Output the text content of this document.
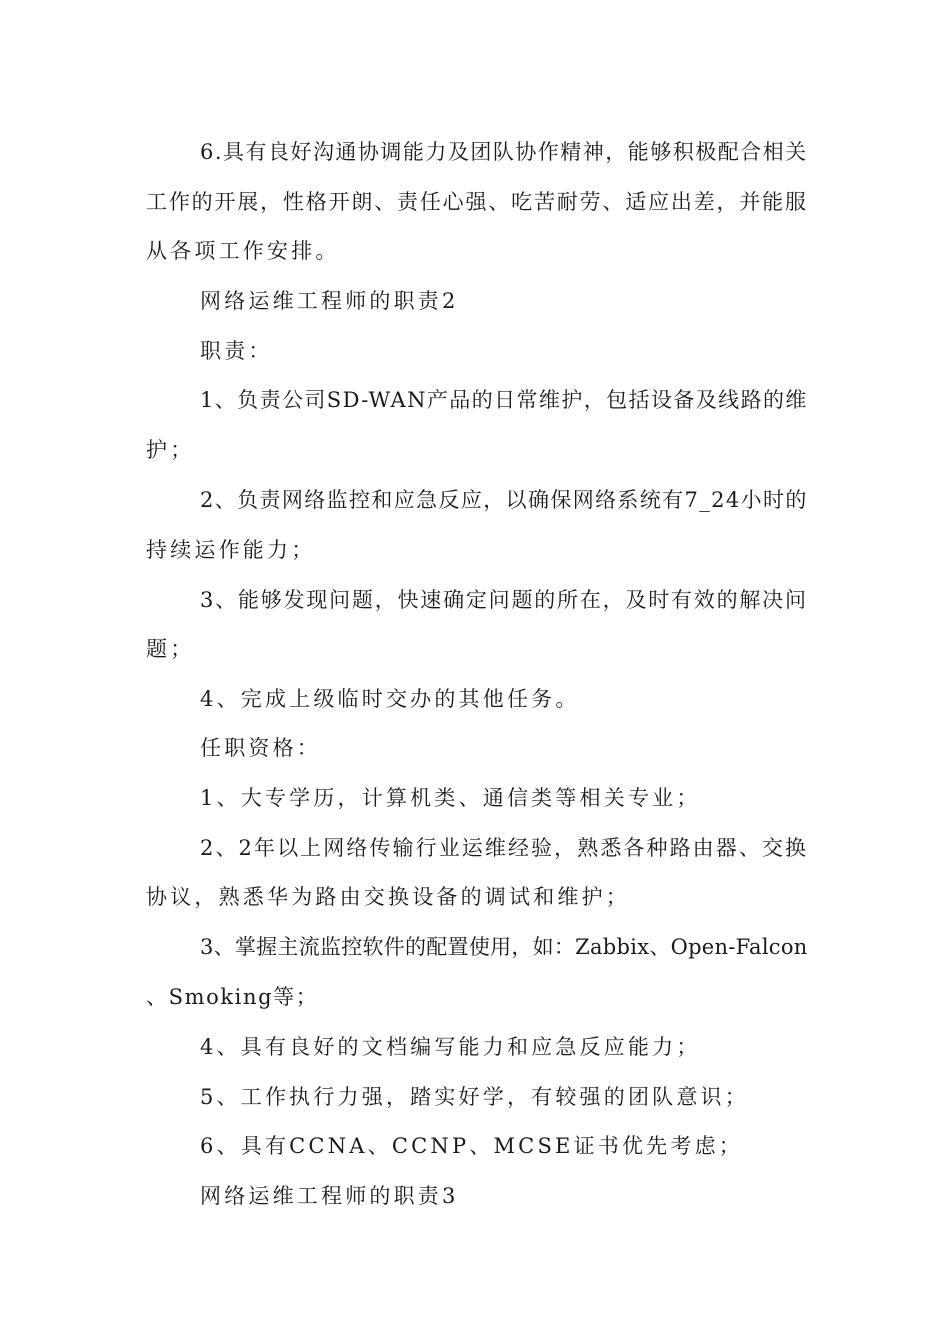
6.具有良好沟通协调能力及团队协作精神，能够积极配合相关
工作的开展，性格开朗、责任心强、吃苦耐劳、适应出差，并能服
从各项工作安排。
网络运维工程师的职责2
职责：
1、负责公司SD-WAN产品的日常维护，包括设备及线路的维
护；
2、负责网络监控和应急反应，以确保网络系统有7_24小时的
持续运作能力；
3、能够发现问题，快速确定问题的所在，及时有效的解决问
题；
4、完成上级临时交办的其他任务。
任职资格：
1、大专学历，计算机类、通信类等相关专业；
2、2年以上网络传输行业运维经验，熟悉各种路由器、交换
协议，熟悉华为路由交换设备的调试和维护；
3、掌握主流监控软件的配置使用，如：Zabbix、Open-Falcon
、Smoking等；
4、具有良好的文档编写能力和应急反应能力；
5、工作执行力强，踏实好学，有较强的团队意识；
6、具有CCNA、CCNP、MCSE证书优先考虑；
网络运维工程师的职责3
